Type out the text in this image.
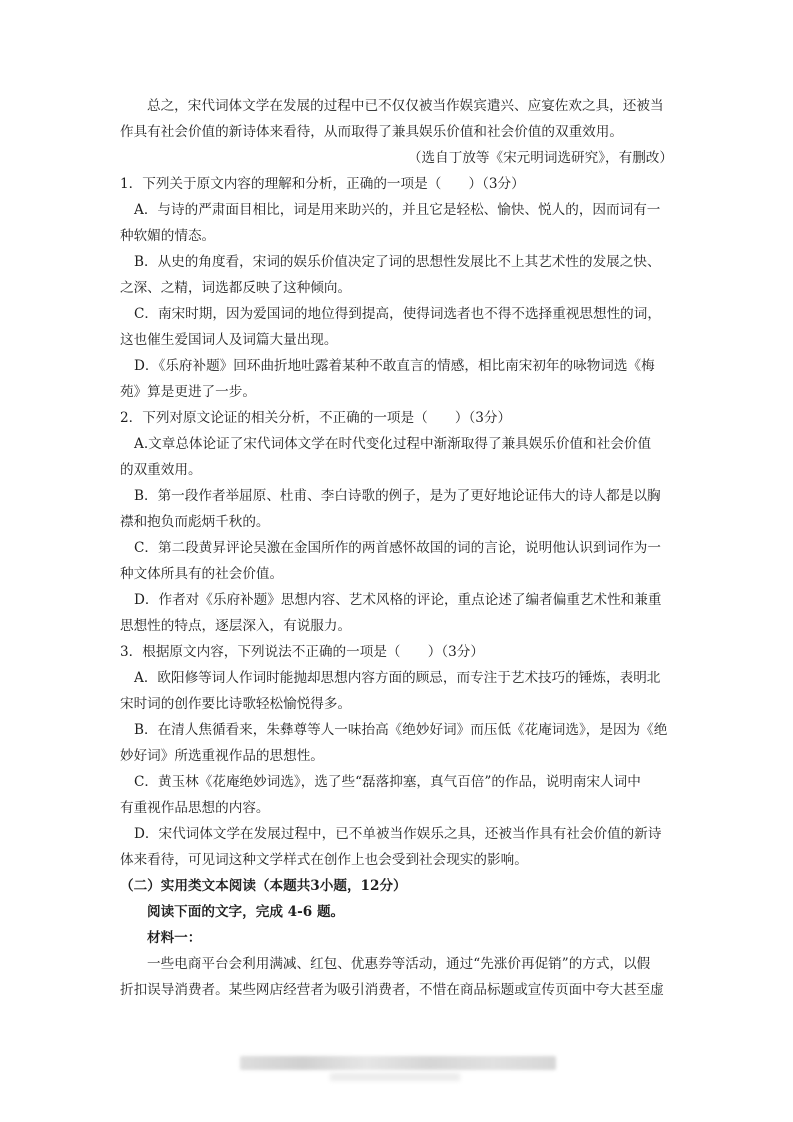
总之，宋代词体文学在发展的过程中已不仅仅被当作娱宾遣兴、应宴佐欢之具，还被当

作具有社会价值的新诗体来看待，从而取得了兼具娱乐价值和社会价值的双重效用。

（选自丁放等《宋元明词选研究》，有删改）

1．下列关于原文内容的理解和分析，正确的一项是（　　）（3分）

A．与诗的严肃面目相比，词是用来助兴的，并且它是轻松、愉快、悦人的，因而词有一

种软媚的情态。

B．从史的角度看，宋词的娱乐价值决定了词的思想性发展比不上其艺术性的发展之快、

之深、之精，词选都反映了这种倾向。

C．南宋时期，因为爱国词的地位得到提高，使得词选者也不得不选择重视思想性的词，

这也催生爱国词人及词篇大量出现。

D．《乐府补题》回环曲折地吐露着某种不敢直言的情感，相比南宋初年的咏物词选《梅

苑》算是更进了一步。

2．下列对原文论证的相关分析，不正确的一项是（　　）（3分）

A.文章总体论证了宋代词体文学在时代变化过程中渐渐取得了兼具娱乐价值和社会价值

的双重效用。

B．第一段作者举屈原、杜甫、李白诗歌的例子，是为了更好地论证伟大的诗人都是以胸

襟和抱负而彪炳千秋的。

C．第二段黄昇评论吴激在金国所作的两首感怀故国的词的言论，说明他认识到词作为一

种文体所具有的社会价值。

D．作者对《乐府补题》思想内容、艺术风格的评论，重点论述了编者偏重艺术性和兼重

思想性的特点，逐层深入，有说服力。

3．根据原文内容，下列说法不正确的一项是（　　）（3分）

A．欧阳修等词人作词时能抛却思想内容方面的顾忌，而专注于艺术技巧的锤炼，表明北

宋时词的创作要比诗歌轻松愉悦得多。

B．在清人焦循看来，朱彝尊等人一味抬高《绝妙好词》而压低《花庵词选》，是因为《绝

妙好词》所选重视作品的思想性。

C．黄玉林《花庵绝妙词选》，选了些“磊落抑塞，真气百倍”的作品，说明南宋人词中

有重视作品思想的内容。

D．宋代词体文学在发展过程中，已不单被当作娱乐之具，还被当作具有社会价值的新诗

体来看待，可见词这种文学样式在创作上也会受到社会现实的影响。

（二）实用类文本阅读（本题共3小题，12分）

阅读下面的文字，完成 4-6 题。

材料一：

一些电商平台会利用满减、红包、优惠券等活动，通过“先涨价再促销”的方式，以假

折扣误导消费者。某些网店经营者为吸引消费者，不惜在商品标题或宣传页面中夸大甚至虚
